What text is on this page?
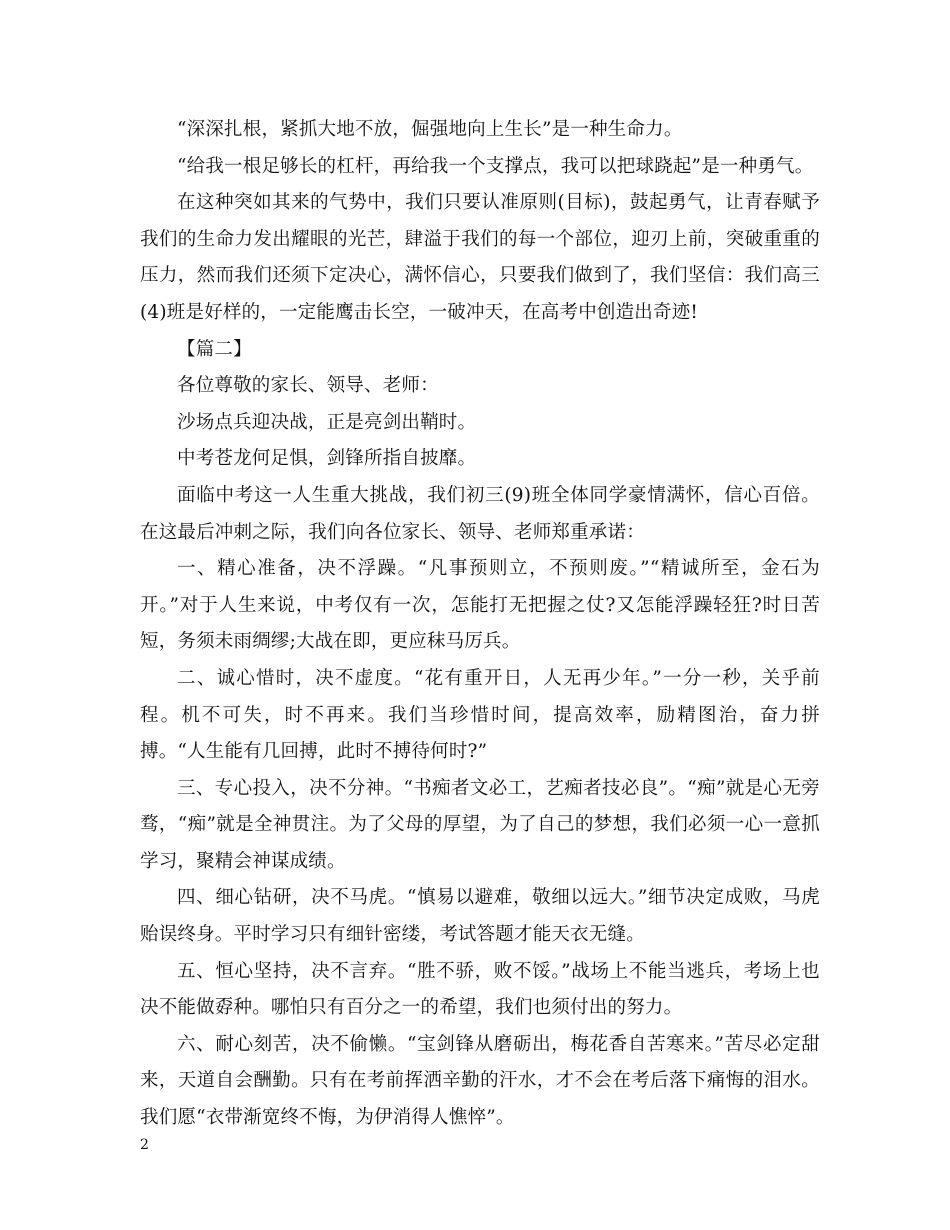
“深深扎根，紧抓大地不放，倔强地向上生长”是一种生命力。

“给我一根足够长的杠杆，再给我一个支撑点，我可以把球跷起”是一种勇气。

在这种突如其来的气势中，我们只要认准原则(目标)，鼓起勇气，让青春赋予我们的生命力发出耀眼的光芒，肆溢于我们的每一个部位，迎刃上前，突破重重的压力，然而我们还须下定决心，满怀信心，只要我们做到了，我们坚信：我们高三(4)班是好样的，一定能鹰击长空，一破冲天，在高考中创造出奇迹!

【篇二】

各位尊敬的家长、领导、老师：

沙场点兵迎决战，正是亮剑出鞘时。

中考苍龙何足惧，剑锋所指自披靡。

面临中考这一人生重大挑战，我们初三(9)班全体同学豪情满怀，信心百倍。在这最后冲刺之际，我们向各位家长、领导、老师郑重承诺：

一、精心准备，决不浮躁。“凡事预则立，不预则废。”“精诚所至，金石为开。”对于人生来说，中考仅有一次，怎能打无把握之仗?又怎能浮躁轻狂?时日苦短，务须未雨绸缪;大战在即，更应秣马厉兵。

二、诚心惜时，决不虚度。“花有重开日，人无再少年。”一分一秒，关乎前程。机不可失，时不再来。我们当珍惜时间，提高效率，励精图治，奋力拼搏。“人生能有几回搏，此时不搏待何时?”

三、专心投入，决不分神。“书痴者文必工，艺痴者技必良”。“痴”就是心无旁骛，“痴”就是全神贯注。为了父母的厚望，为了自己的梦想，我们必须一心一意抓学习，聚精会神谋成绩。

四、细心钻研，决不马虎。“慎易以避难，敬细以远大。”细节决定成败，马虎贻误终身。平时学习只有细针密缕，考试答题才能天衣无缝。

五、恒心坚持，决不言弃。“胜不骄，败不馁。”战场上不能当逃兵，考场上也决不能做孬种。哪怕只有百分之一的希望，我们也须付出的努力。

六、耐心刻苦，决不偷懒。“宝剑锋从磨砺出，梅花香自苦寒来。”苦尽必定甜来，天道自会酬勤。只有在考前挥洒辛勤的汗水，才不会在考后落下痛悔的泪水。我们愿“衣带渐宽终不悔，为伊消得人憔悴”。

2
